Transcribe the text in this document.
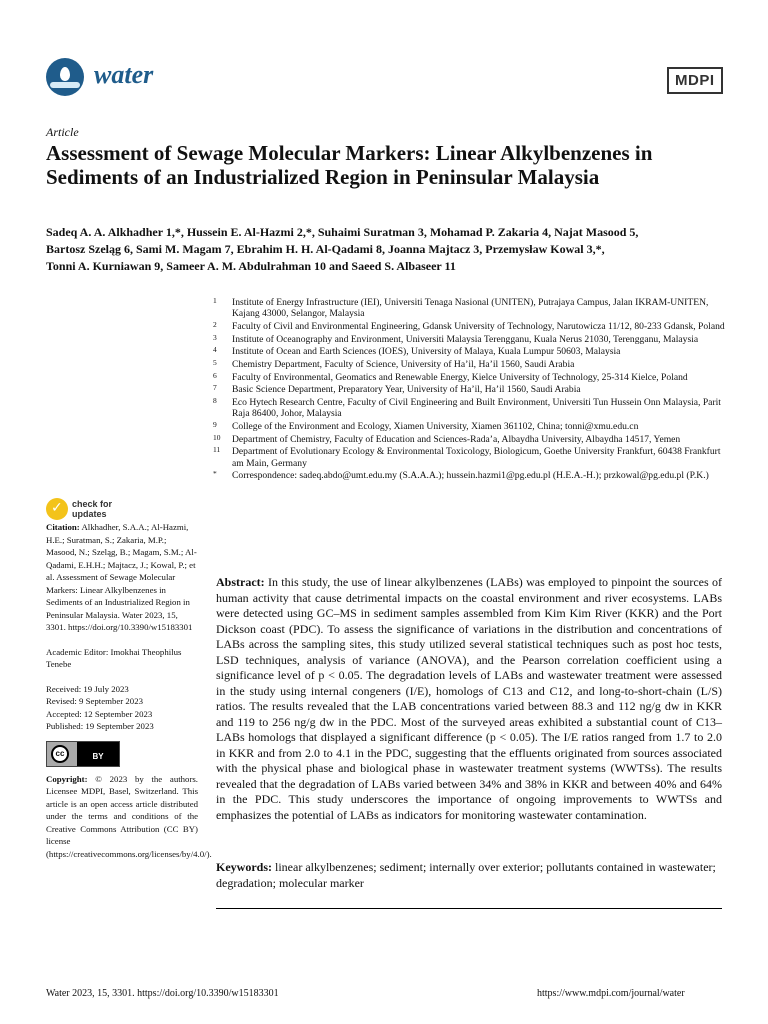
water	MDPI
Article
Assessment of Sewage Molecular Markers: Linear Alkylbenzenes in Sediments of an Industrialized Region in Peninsular Malaysia
Sadeq A. A. Alkhadher 1,*, Hussein E. Al-Hazmi 2,*, Suhaimi Suratman 3, Mohamad P. Zakaria 4, Najat Masood 5,
Bartosz Szeląg 6, Sami M. Magam 7, Ebrahim H. H. Al-Qadami 8, Joanna Majtacz 3, Przemysław Kowal 3,*,
Tonni A. Kurniawan 9, Sameer A. M. Abdulrahman 10 and Saeed S. Albaseer 11
1 Institute of Energy Infrastructure (IEI), Universiti Tenaga Nasional (UNITEN), Putrajaya Campus, Jalan IKRAM-UNITEN, Kajang 43000, Selangor, Malaysia
2 Faculty of Civil and Environmental Engineering, Gdansk University of Technology, Narutowicza 11/12, 80-233 Gdansk, Poland
3 Institute of Oceanography and Environment, Universiti Malaysia Terengganu, Kuala Nerus 21030, Terengganu, Malaysia
4 Institute of Ocean and Earth Sciences (IOES), University of Malaya, Kuala Lumpur 50603, Malaysia
5 Chemistry Department, Faculty of Science, University of Ha’il, Ha’il 1560, Saudi Arabia
6 Faculty of Environmental, Geomatics and Renewable Energy, Kielce University of Technology, 25-314 Kielce, Poland
7 Basic Science Department, Preparatory Year, University of Ha’il, Ha’il 1560, Saudi Arabia
8 Eco Hytech Research Centre, Faculty of Civil Engineering and Built Environment, Universiti Tun Hussein Onn Malaysia, Parit Raja 86400, Johor, Malaysia
9 College of the Environment and Ecology, Xiamen University, Xiamen 361102, China; tonni@xmu.edu.cn
10 Department of Chemistry, Faculty of Education and Sciences-Rada’a, Albaydha University, Albaydha 14517, Yemen
11 Department of Evolutionary Ecology & Environmental Toxicology, Biologicum, Goethe University Frankfurt, 60438 Frankfurt am Main, Germany
* Correspondence: sadeq.abdo@umt.edu.my (S.A.A.A.); hussein.hazmi1@pg.edu.pl (H.E.A.-H.); przkowal@pg.edu.pl (P.K.)
✓
check for
updates

Citation: Alkhadher, S.A.A.; Al-Hazmi, H.E.; Suratman, S.; Zakaria, M.P.; Masood, N.; Szeląg, B.; Magam, S.M.; Al-Qadami, E.H.H.; Majtacz, J.; Kowal, P.; et al. Assessment of Sewage Molecular Markers: Linear Alkylbenzenes in Sediments of an Industrialized Region in Peninsular Malaysia. Water 2023, 15, 3301. https://doi.org/10.3390/w15183301

Academic Editor: Imokhai Theophilus Tenebe

Received: 19 July 2023

Revised: 9 September 2023

Accepted: 12 September 2023

Published: 19 September 2023

cc	BY

Copyright: © 2023 by the authors. Licensee MDPI, Basel, Switzerland. This article is an open access article distributed under the terms and conditions of the Creative Commons Attribution (CC BY) license (https://creativecommons.org/licenses/by/4.0/).

Abstract: In this study, the use of linear alkylbenzenes (LABs) was employed to pinpoint the sources of human activity that cause detrimental impacts on the coastal environment and river ecosystems. LABs were detected using GC–MS in sediment samples assembled from Kim Kim River (KKR) and the Port Dickson coast (PDC). To assess the significance of variations in the distribution and concentrations of LABs across the sampling sites, this study utilized several statistical techniques such as post hoc tests, LSD techniques, analysis of variance (ANOVA), and the Pearson correlation coefficient using a significance level of p < 0.05. The degradation levels of LABs and wastewater treatment were assessed in the study using internal congeners (I/E), homologs of C13 and C12, and long-to-short-chain (L/S) ratios. The results revealed that the LAB concentrations varied between 88.3 and 112 ng/g dw in KKR and 119 to 256 ng/g dw in the PDC. Most of the surveyed areas exhibited a substantial count of C13–LABs homologs that displayed a significant difference (p < 0.05). The I/E ratios ranged from 1.7 to 2.0 in KKR and from 2.0 to 4.1 in the PDC, suggesting that the effluents originated from sources associated with the physical phase and biological phase in wastewater treatment systems (WWTSs). The results revealed that the degradation of LABs varied between 34% and 38% in KKR and between 40% and 64% in the PDC. This study underscores the importance of ongoing improvements to WWTSs and emphasizes the potential of LABs as indicators for monitoring wastewater contamination.
Keywords: linear alkylbenzenes; sediment; internally over exterior; pollutants contained in wastewater; degradation; molecular marker
Water 2023, 15, 3301. https://doi.org/10.3390/w15183301	https://www.mdpi.com/journal/water
